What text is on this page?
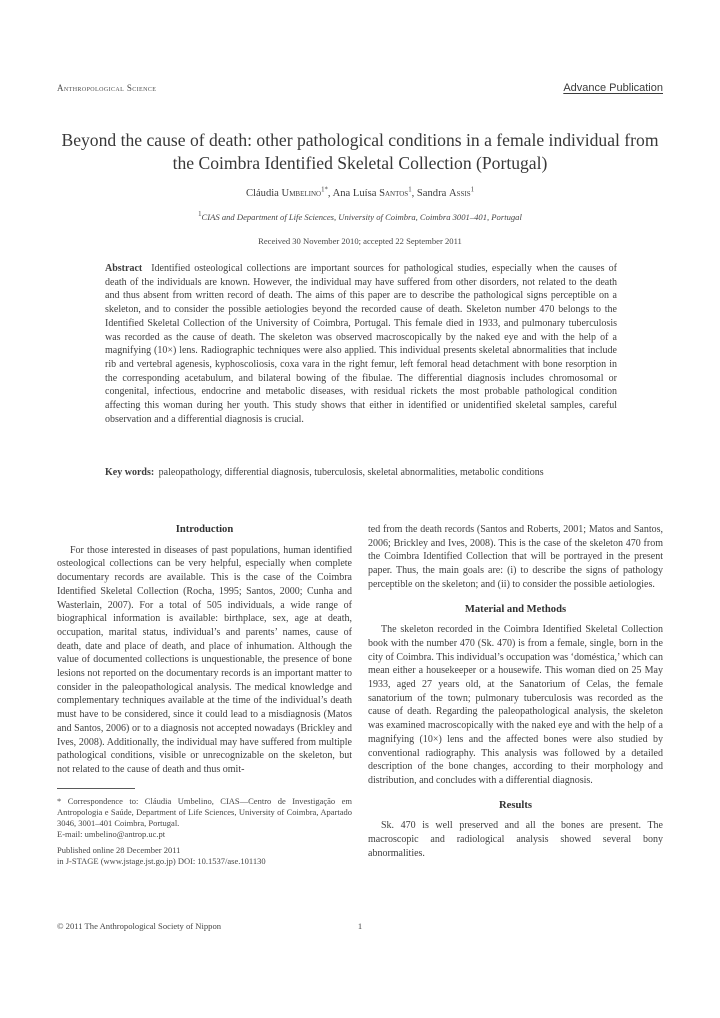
Anthropological Science	Advance Publication
Beyond the cause of death: other pathological conditions in a female individual from the Coimbra Identified Skeletal Collection (Portugal)
Cláudia Umbelino$^{1*}$, Ana Luísa Santos$^1$, Sandra Assis$^1$
$^1$CIAS and Department of Life Sciences, University of Coimbra, Coimbra 3001–401, Portugal
Received 30 November 2010; accepted 22 September 2011

Abstract Identified osteological collections are important sources for pathological studies, especially when the causes of death of the individuals are known. However, the individual may have suffered from other disorders, not related to the death and thus absent from written record of death. The aims of this paper are to describe the pathological signs perceptible on a skeleton, and to consider the possible aetiologies beyond the recorded cause of death. Skeleton number 470 belongs to the Identified Skeletal Collection of the University of Coimbra, Portugal. This female died in 1933, and pulmonary tuberculosis was recorded as the cause of death. The skeleton was observed macroscopically by the naked eye and with the help of a magnifying (10×) lens. Radiographic techniques were also applied. This individual presents skeletal abnormalities that include rib and vertebral agenesis, kyphoscoliosis, coxa vara in the right femur, left femoral head detachment with bone resorption in the corresponding acetabulum, and bilateral bowing of the fibulae. The differential diagnosis includes chromosomal or congenital, infectious, endocrine and metabolic diseases, with residual rickets the most probable pathological condition affecting this woman during her youth. This study shows that either in identified or unidentified skeletal samples, careful observation and a differential diagnosis is crucial.

Key words: paleopathology, differential diagnosis, tuberculosis, skeletal abnormalities, metabolic conditions

Introduction

For those interested in diseases of past populations, human identified osteological collections can be very helpful, especially when complete documentary records are available. This is the case of the Coimbra Identified Skeletal Collection (Rocha, 1995; Santos, 2000; Cunha and Wasterlain, 2007). For a total of 505 individuals, a wide range of biographical information is available: birthplace, sex, age at death, occupation, marital status, individual’s and parents’ names, cause of death, date and place of death, and place of inhumation. Although the value of documented collections is unquestionable, the presence of bone lesions not reported on the documentary records is an important matter to consider in the paleopathological analysis. The medical knowledge and complementary techniques available at the time of the individual’s death must have to be considered, since it could lead to a misdiagnosis (Matos and Santos, 2006) or to a diagnosis not accepted nowadays (Brickley and Ives, 2008). Additionally, the individual may have suffered from multiple pathological conditions, visible or unrecognizable on the skeleton, but not related to the cause of death and thus omit-

* Correspondence to: Cláudia Umbelino, CIAS—Centro de Investigação em Antropologia e Saúde, Department of Life Sciences, University of Coimbra, Apartado 3046, 3001–401 Coimbra, Portugal.
E-mail: umbelino@antrop.uc.pt
Published online 28 December 2011
in J-STAGE (www.jstage.jst.go.jp) DOI: 10.1537/ase.101130

ted from the death records (Santos and Roberts, 2001; Matos and Santos, 2006; Brickley and Ives, 2008). This is the case of the skeleton 470 from the Coimbra Identified Collection that will be portrayed in the present paper. Thus, the main goals are: (i) to describe the signs of pathology perceptible on the skeleton; and (ii) to consider the possible aetiologies.

Material and Methods

The skeleton recorded in the Coimbra Identified Skeletal Collection book with the number 470 (Sk. 470) is from a female, single, born in the city of Coimbra. This individual’s occupation was ‘doméstica,’ which can mean either a housekeeper or a housewife. This woman died on 25 May 1933, aged 27 years old, at the Sanatorium of Celas, the female sanatorium of the town; pulmonary tuberculosis was recorded as the cause of death. Regarding the paleopathological analysis, the skeleton was examined macroscopically with the naked eye and with the help of a magnifying (10×) lens and the affected bones were also studied by conventional radiography. This analysis was followed by a detailed description of the bone changes, according to their morphology and distribution, and concludes with a differential diagnosis.

Results

Sk. 470 is well preserved and all the bones are present. The macroscopic and radiological analysis showed several bony abnormalities.

© 2011 The Anthropological Society of Nippon	1
